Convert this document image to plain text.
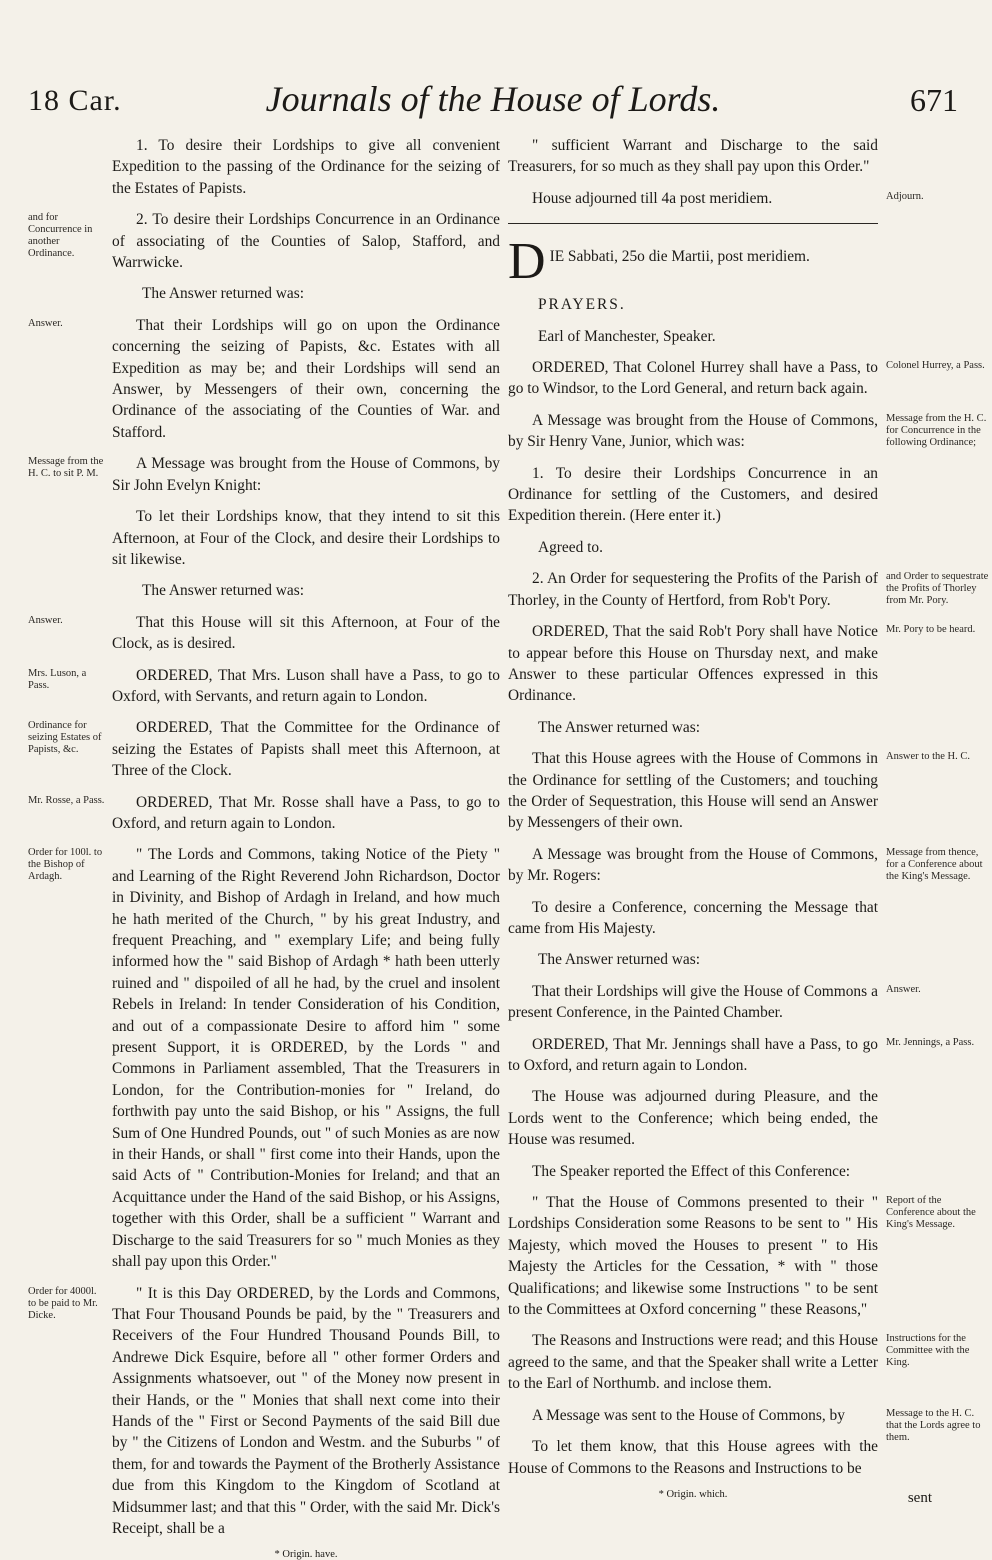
18 Car.	Journals of the House of Lords.	671

1. To desire their Lordships to give all convenient Expedition to the passing of the Ordinance for the seizing of the Estates of Papists.

2. To desire their Lordships Concurrence in an Ordinance of associating of the Counties of Salop, Stafford, and Warrwicke.

and for Concurrence in another Ordinance.

The Answer returned was:

That their Lordships will go on upon the Ordinance concerning the seizing of Papists, &c. Estates with all Expedition as may be; and their Lordships will send an Answer, by Messengers of their own, concerning the Ordinance of the associating of the Counties of War. and Stafford.

Answer.

A Message was brought from the House of Commons, by Sir John Evelyn Knight:

Message from the H. C. to sit P. M.

To let their Lordships know, that they intend to sit this Afternoon, at Four of the Clock, and desire their Lordships to sit likewise.

The Answer returned was:

That this House will sit this Afternoon, at Four of the Clock, as is desired.

Answer.

ORDERED, That Mrs. Luson shall have a Pass, to go to Oxford, with Servants, and return again to London.

Mrs. Luson, a Pass.

ORDERED, That the Committee for the Ordinance of seizing the Estates of Papists shall meet this Afternoon, at Three of the Clock.

Ordinance for seizing Estates of Papists, &c.

ORDERED, That Mr. Rosse shall have a Pass, to go to Oxford, and return again to London.

Mr. Rosse, a Pass.

" The Lords and Commons, taking Notice of the Piety " and Learning of the Right Reverend John Richardson, Doctor in Divinity, and Bishop of Ardagh in Ireland, and how much he hath merited of the Church, " by his great Industry, and frequent Preaching, and " exemplary Life; and being fully informed how the " said Bishop of Ardagh * hath been utterly ruined and " dispoiled of all he had, by the cruel and insolent Rebels in Ireland: In tender Consideration of his Condition, and out of a compassionate Desire to afford him " some present Support, it is ORDERED, by the Lords " and Commons in Parliament assembled, That the Treasurers in London, for the Contribution-monies for " Ireland, do forthwith pay unto the said Bishop, or his " Assigns, the full Sum of One Hundred Pounds, out " of such Monies as are now in their Hands, or shall " first come into their Hands, upon the said Acts of " Contribution-Monies for Ireland; and that an Acquittance under the Hand of the said Bishop, or his Assigns, together with this Order, shall be a sufficient " Warrant and Discharge to the said Treasurers for so " much Monies as they shall pay upon this Order."

Order for 100l. to the Bishop of Ardagh.

" It is this Day ORDERED, by the Lords and Commons, That Four Thousand Pounds be paid, by the " Treasurers and Receivers of the Four Hundred Thousand Pounds Bill, to Andrewe Dick Esquire, before all " other former Orders and Assignments whatsoever, out " of the Money now present in their Hands, or the " Monies that shall next come into their Hands of the " First or Second Payments of the said Bill due by " the Citizens of London and Westm. and the Suburbs " of them, for and towards the Payment of the Brotherly Assistance due from this Kingdom to the Kingdom of Scotland at Midsummer last; and that this " Order, with the said Mr. Dick's Receipt, shall be a

Order for 4000l. to be paid to Mr. Dicke.
* Origin. have.

" sufficient Warrant and Discharge to the said Treasurers, for so much as they shall pay upon this Order."

House adjourned till 4a post meridiem.	Adjourn.
D IE Sabbati, 25o die Martii, post meridiem.

PRAYERS.

Earl of Manchester, Speaker.

ORDERED, That Colonel Hurrey shall have a Pass, to go to Windsor, to the Lord General, and return back again.

Colonel Hurrey, a Pass.

A Message was brought from the House of Commons, by Sir Henry Vane, Junior, which was:

Message from the H. C. for Concurrence in the following Ordinance;

1. To desire their Lordships Concurrence in an Ordinance for settling of the Customers, and desired Expedition therein. (Here enter it.)

Agreed to.

2. An Order for sequestering the Profits of the Parish of Thorley, in the County of Hertford, from Rob't Pory.

and Order to sequestrate the Profits of Thorley from Mr. Pory.

ORDERED, That the said Rob't Pory shall have Notice to appear before this House on Thursday next, and make Answer to these particular Offences expressed in this Ordinance.

Mr. Pory to be heard.

The Answer returned was:

That this House agrees with the House of Commons in the Ordinance for settling of the Customers; and touching the Order of Sequestration, this House will send an Answer by Messengers of their own.

Answer to the H. C.

A Message was brought from the House of Commons, by Mr. Rogers:

Message from thence, for a Conference about the King's Message.

To desire a Conference, concerning the Message that came from His Majesty.

The Answer returned was:

That their Lordships will give the House of Commons a present Conference, in the Painted Chamber.

Answer.

ORDERED, That Mr. Jennings shall have a Pass, to go to Oxford, and return again to London.

Mr. Jennings, a Pass.

The House was adjourned during Pleasure, and the Lords went to the Conference; which being ended, the House was resumed.

The Speaker reported the Effect of this Conference:

" That the House of Commons presented to their " Lordships Consideration some Reasons to be sent to " His Majesty, which moved the Houses to present " to His Majesty the Articles for the Cessation, * with " those Qualifications; and likewise some Instructions " to be sent to the Committees at Oxford concerning " these Reasons,"

Report of the Conference about the King's Message.

The Reasons and Instructions were read; and this House agreed to the same, and that the Speaker shall write a Letter to the Earl of Northumb. and inclose them.

Instructions for the Committee with the King.

A Message was sent to the House of Commons, by	Message to the H. C. that the Lords agree to them.

To let them know, that this House agrees with the House of Commons to the Reasons and Instructions to be

* Origin. which.	sent
